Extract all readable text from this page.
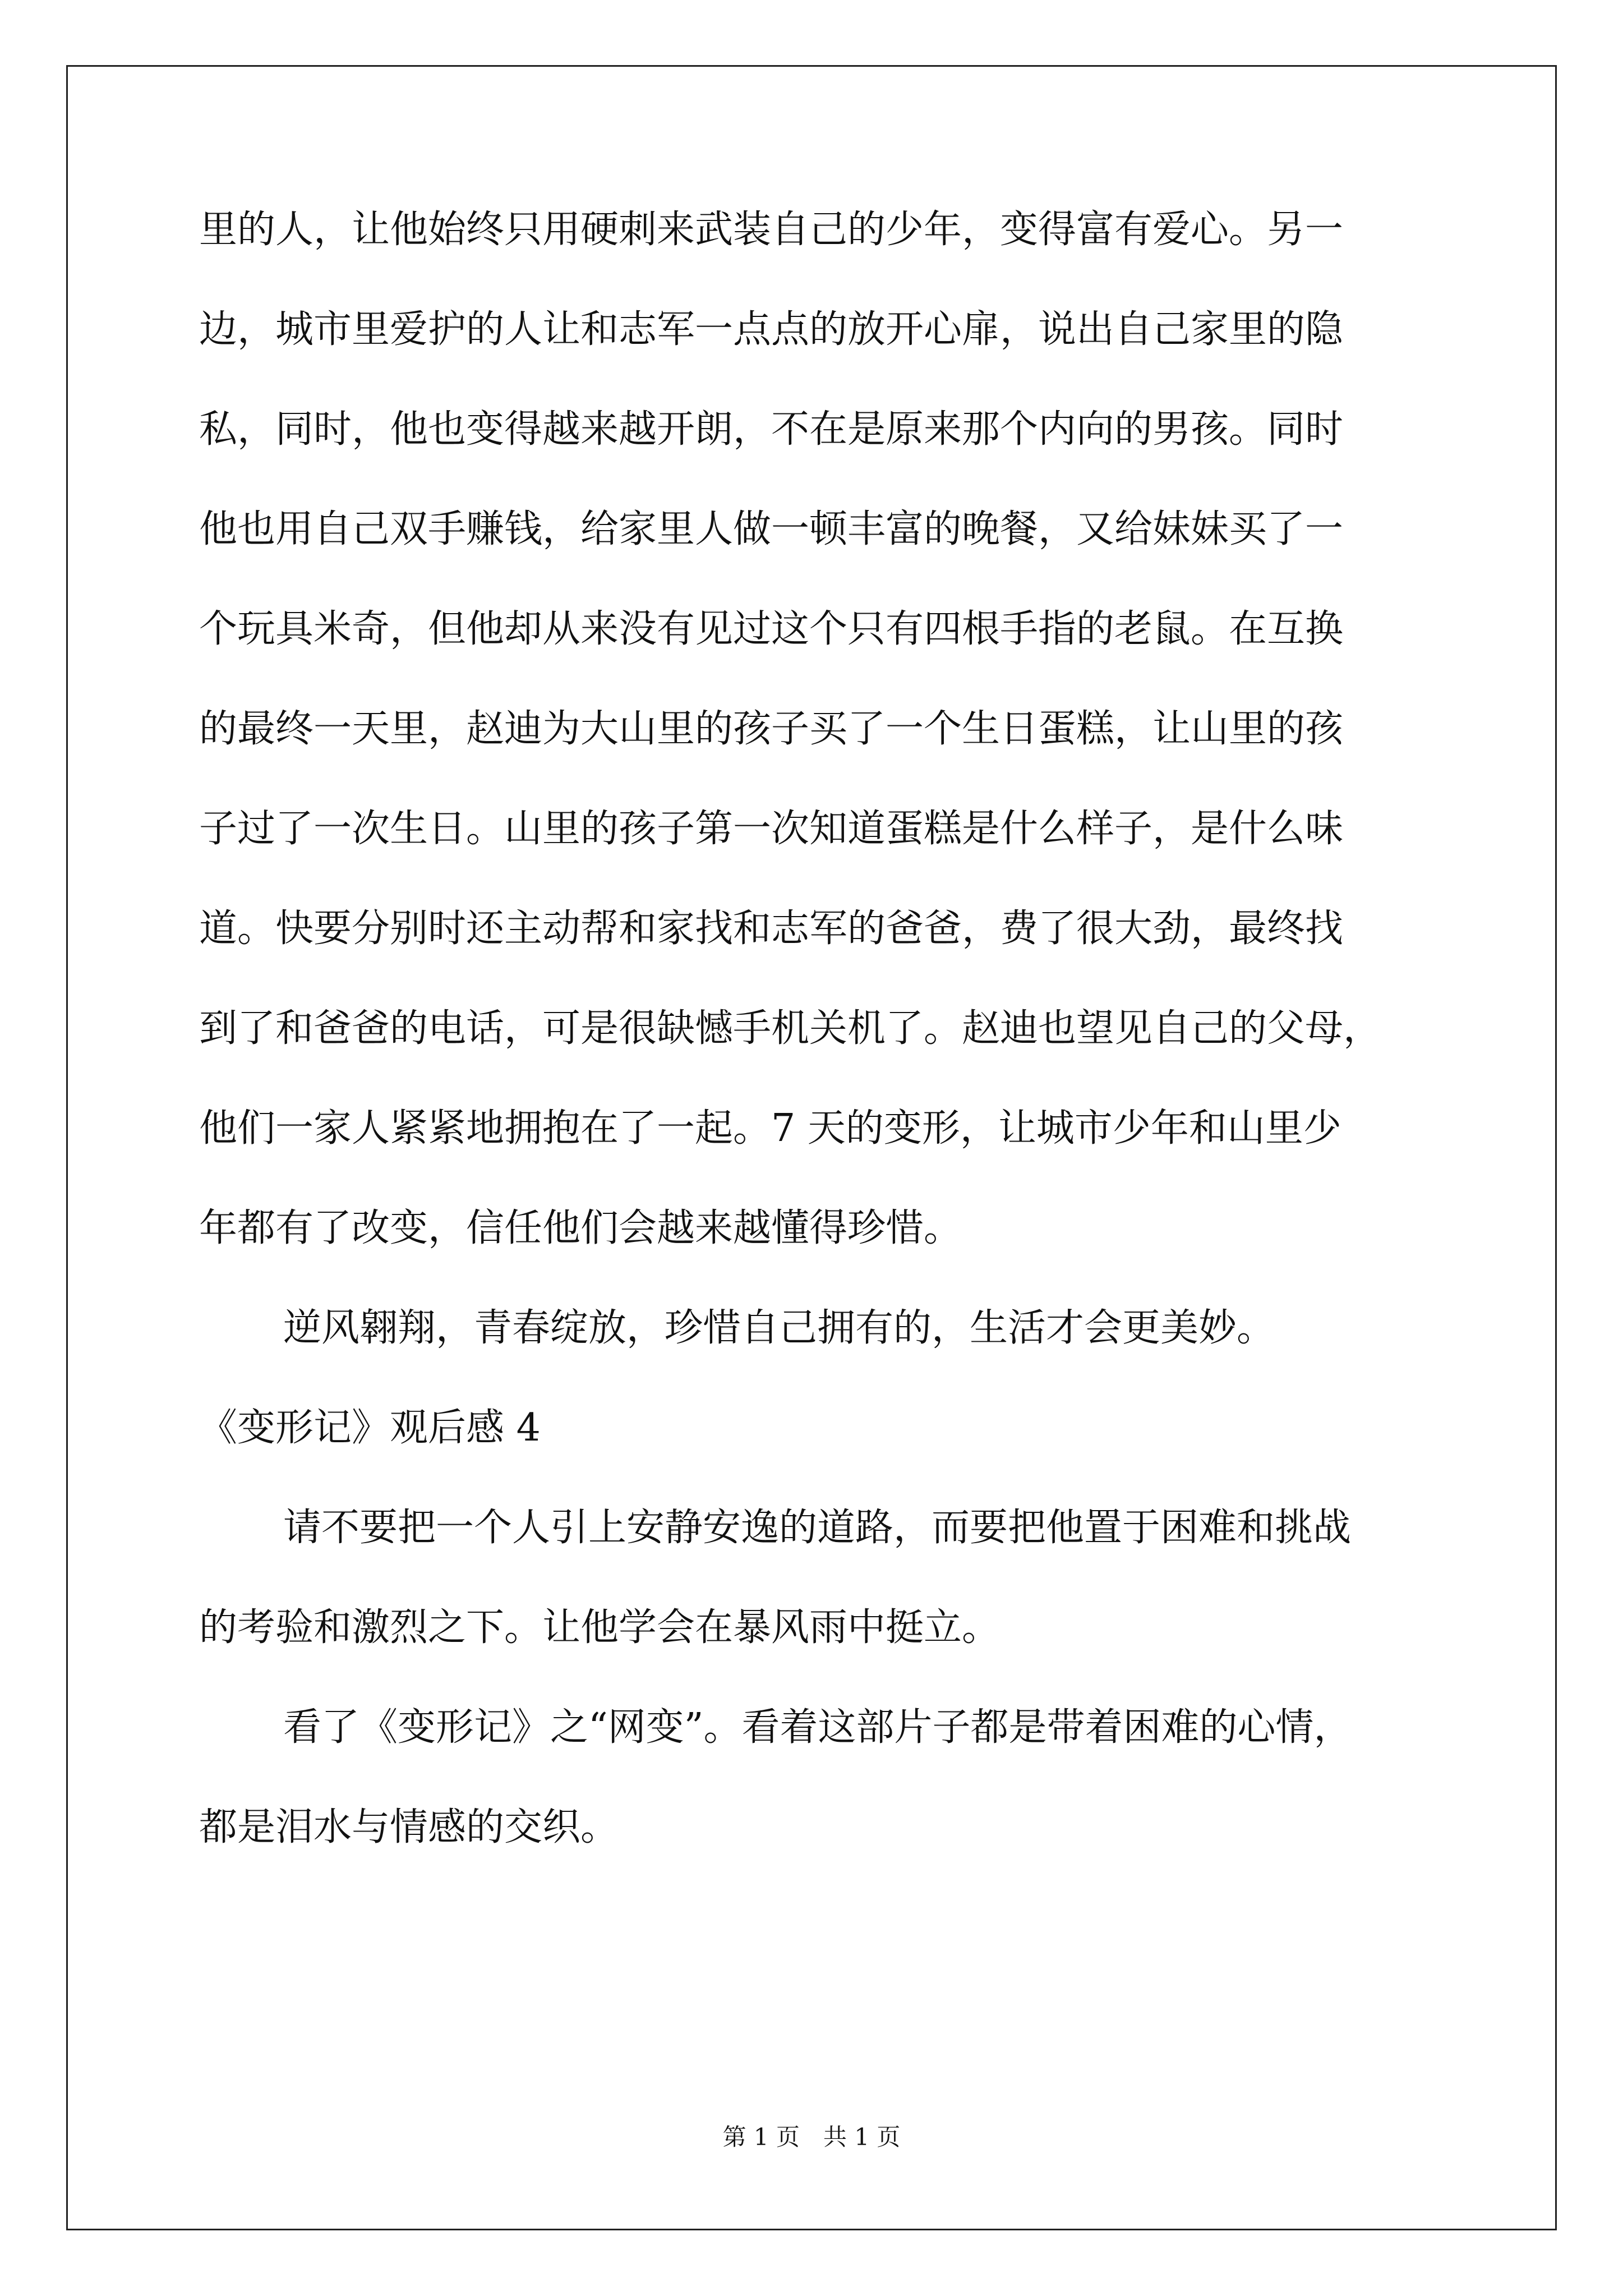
里的人，让他始终只用硬刺来武装自己的少年，变得富有爱心。另一
边，城市里爱护的人让和志军一点点的放开心扉，说出自己家里的隐
私，同时，他也变得越来越开朗，不在是原来那个内向的男孩。同时
他也用自己双手赚钱，给家里人做一顿丰富的晚餐，又给妹妹买了一
个玩具米奇，但他却从来没有见过这个只有四根手指的老鼠。在互换
的最终一天里，赵迪为大山里的孩子买了一个生日蛋糕，让山里的孩
子过了一次生日。山里的孩子第一次知道蛋糕是什么样子，是什么味
道。快要分别时还主动帮和家找和志军的爸爸，费了很大劲，最终找
到了和爸爸的电话，可是很缺憾手机关机了。赵迪也望见自己的父母，
他们一家人紧紧地拥抱在了一起。7 天的变形，让城市少年和山里少
年都有了改变，信任他们会越来越懂得珍惜。
逆风翱翔，青春绽放，珍惜自己拥有的，生活才会更美妙。
《变形记》观后感 4
请不要把一个人引上安静安逸的道路，而要把他置于困难和挑战
的考验和激烈之下。让他学会在暴风雨中挺立。
看了《变形记》之“网变”。看着这部片子都是带着困难的心情，
都是泪水与情感的交织。
第 1 页　共 1 页
